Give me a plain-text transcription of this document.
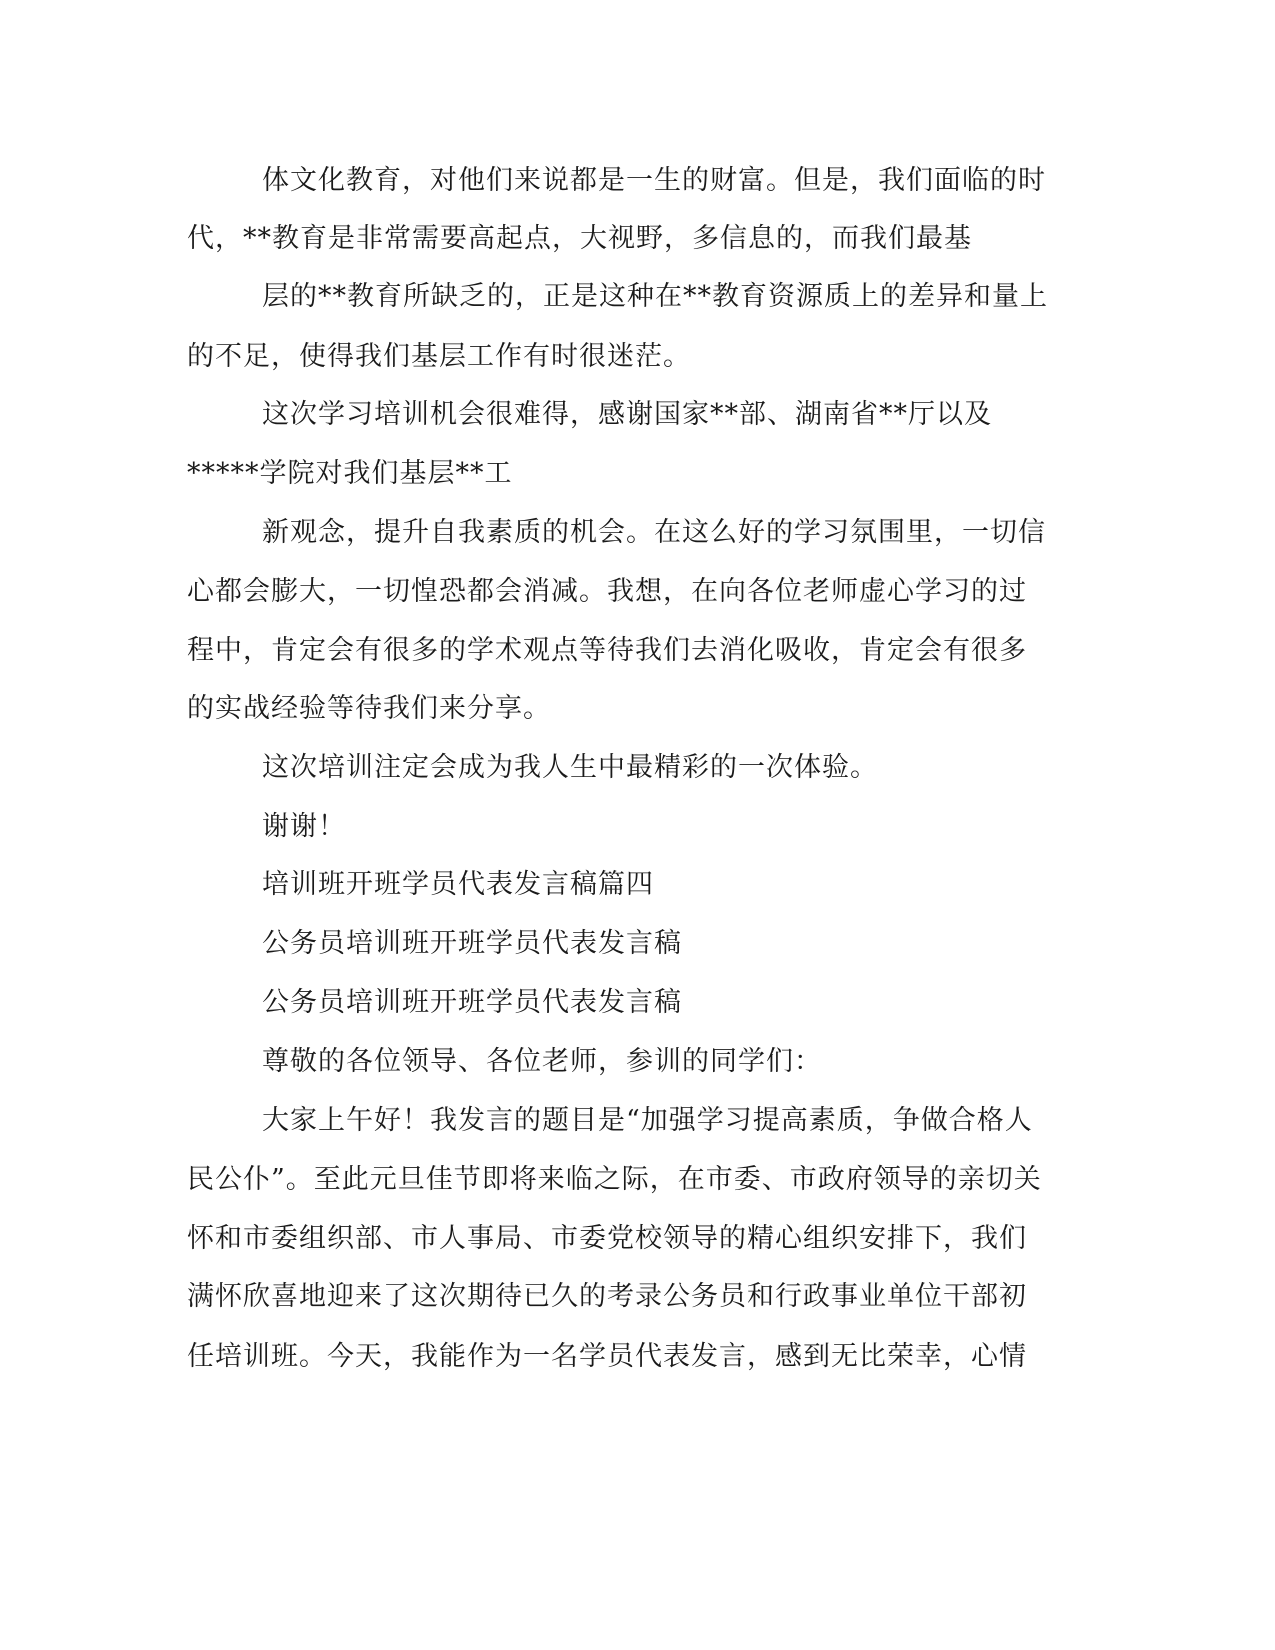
体文化教育，对他们来说都是一生的财富。但是，我们面临的时

代，**教育是非常需要高起点，大视野，多信息的，而我们最基

层的**教育所缺乏的，正是这种在**教育资源质上的差异和量上

的不足，使得我们基层工作有时很迷茫。

这次学习培训机会很难得，感谢国家**部、湖南省**厅以及

*****学院对我们基层**工

新观念，提升自我素质的机会。在这么好的学习氛围里，一切信

心都会膨大，一切惶恐都会消减。我想，在向各位老师虚心学习的过

程中，肯定会有很多的学术观点等待我们去消化吸收，肯定会有很多

的实战经验等待我们来分享。

这次培训注定会成为我人生中最精彩的一次体验。

谢谢！

培训班开班学员代表发言稿篇四

公务员培训班开班学员代表发言稿

公务员培训班开班学员代表发言稿

尊敬的各位领导、各位老师，参训的同学们：

大家上午好！我发言的题目是“加强学习提高素质，争做合格人

民公仆”。至此元旦佳节即将来临之际，在市委、市政府领导的亲切关

怀和市委组织部、市人事局、市委党校领导的精心组织安排下，我们

满怀欣喜地迎来了这次期待已久的考录公务员和行政事业单位干部初

任培训班。今天，我能作为一名学员代表发言，感到无比荣幸，心情
